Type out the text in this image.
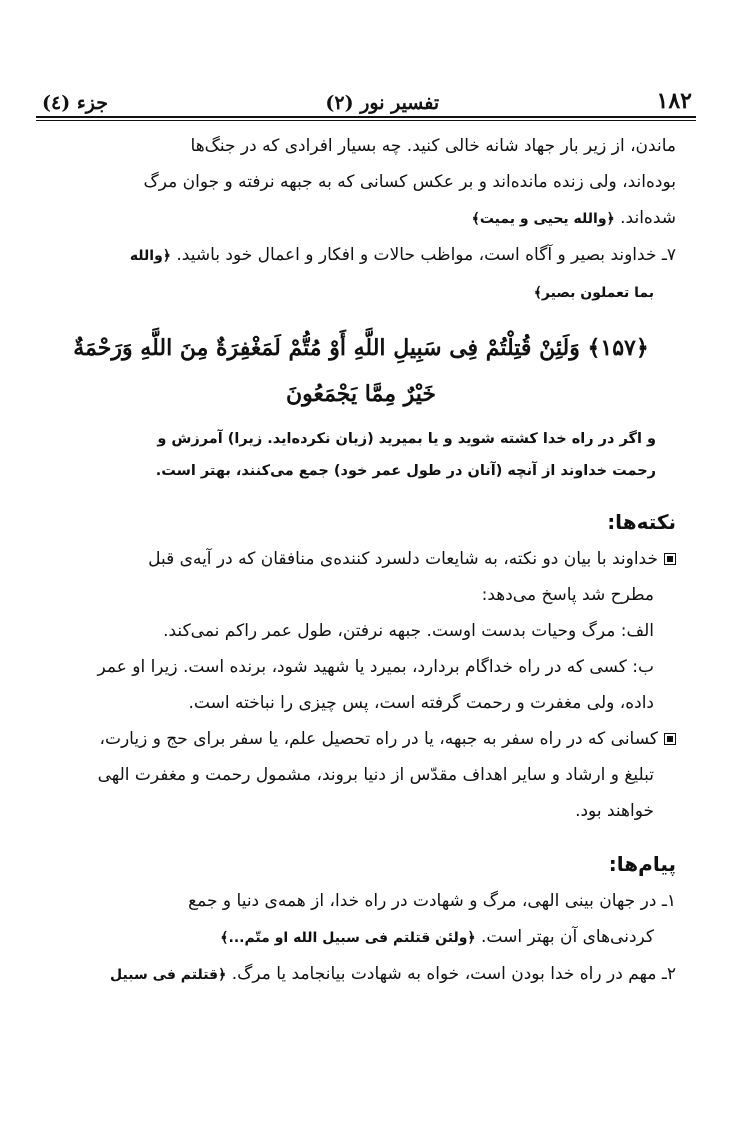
۱۸۲
تفسیر نور (۲)
جزء (٤)

ماندن، از زیر بار جهاد شانه خالی کنید. چه بسیار افرادی که در جنگ‌ها

بوده‌اند، ولی زنده مانده‌اند و بر عکس کسانی که به جبهه نرفته و جوان مرگ

شده‌اند. ﴿والله یحیی و یمیت﴾

۷ـ خداوند بصیر و آگاه است، مواظب حالات و افکار و اعمال خود باشید. ﴿والله

بما تعملون بصیر﴾

﴿۱۵۷﴾ وَلَئِنْ قُتِلْتُمْ فِی سَبِیلِ اللَّهِ أَوْ مُتُّمْ لَمَغْفِرَةٌ مِنَ اللَّهِ وَرَحْمَةٌ
خَیْرٌ مِمَّا یَجْمَعُونَ
و اگر در راه خدا کشته شوید و یا بمیرید (زیان نکرده‌اید. زیرا) آمرزش و
رحمت خداوند از آنچه (آنان در طول عمر خود) جمع می‌کنند، بهتر است.
نکته‌ها:

خداوند با بیان دو نکته، به شایعات دلسرد کننده‌ی منافقان که در آیه‌ی قبل

مطرح شد پاسخ می‌دهد:

الف: مرگ وحیات بدست اوست. جبهه نرفتن، طول عمر راکم نمی‌کند.

ب: کسی که در راه خداگام بردارد، بمیرد یا شهید شود، برنده است. زیرا او عمر

داده، ولی مغفرت و رحمت گرفته است، پس چیزی را نباخته است.

کسانی که در راه سفر به جبهه، یا در راه تحصیل علم، یا سفر برای حج و زیارت،

تبلیغ و ارشاد و سایر اهداف مقدّس از دنیا بروند، مشمول رحمت و مغفرت الهی

خواهند بود.

پیام‌ها:

۱ـ در جهان بینی الهی، مرگ و شهادت در راه خدا، از همه‌ی دنیا و جمع

کردنی‌های آن بهتر است. ﴿ولئن قتلتم فی سبیل الله او متّم...﴾

۲ـ مهم در راه خدا بودن است، خواه به شهادت بیانجامد یا مرگ. ﴿قتلتم فی سبیل
